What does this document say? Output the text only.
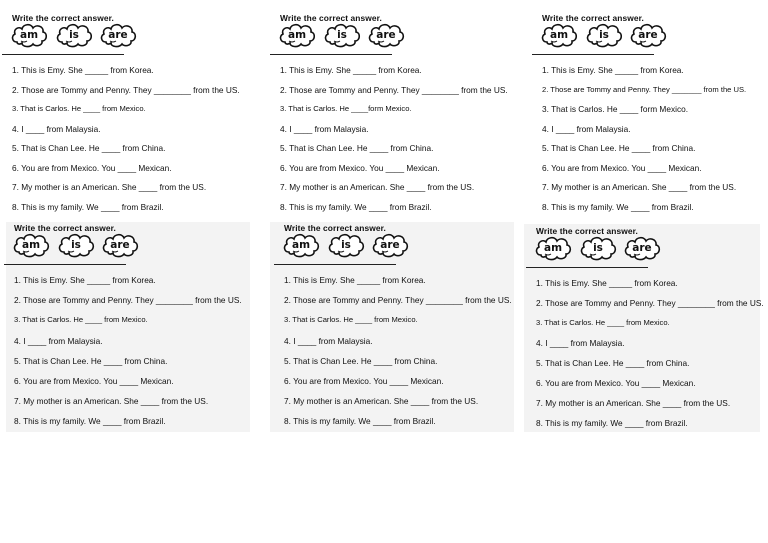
Write the correct answer.
am	is	are
1. This is Emy. She _____ from Korea.
2. Those are Tommy and Penny. They ________ from the US.
3. That is Carlos. He ____ from Mexico.
4. I ____ from Malaysia.
5. That is Chan Lee. He ____ from China.
6. You are from Mexico. You ____ Mexican.
7. My mother is an American. She ____ from the US.
8. This is my family. We ____ from Brazil.
Write the correct answer.
am	is	are
1. This is Emy. She _____ from Korea.
2. Those are Tommy and Penny. They ________ from the US.
3. That is Carlos. He ____form Mexico.
4. I ____ from Malaysia.
5. That is Chan Lee. He ____ from China.
6. You are from Mexico. You ____ Mexican.
7. My mother is an American. She ____ from the US.
8. This is my family. We ____ from Brazil.
Write the correct answer.
am	is	are
1. This is Emy. She _____ from Korea.
2. Those are Tommy and Penny. They _______ from the US.
3. That is Carlos. He ____ form Mexico.
4. I ____ from Malaysia.
5. That is Chan Lee. He ____ from China.
6. You are from Mexico. You ____ Mexican.
7. My mother is an American. She ____ from the US.
8. This is my family. We ____ from Brazil.
Write the correct answer.
am	is	are
1. This is Emy. She _____ from Korea.
2. Those are Tommy and Penny. They ________ from the US.
3. That is Carlos. He ____ from Mexico.
4. I ____ from Malaysia.
5. That is Chan Lee. He ____ from China.
6. You are from Mexico. You ____ Mexican.
7. My mother is an American. She ____ from the US.
8. This is my family. We ____ from Brazil.
Write the correct answer.
am	is	are
1. This is Emy. She _____ from Korea.
2. Those are Tommy and Penny. They ________ from the US.
3. That is Carlos. He ____ from Mexico.
4. I ____ from Malaysia.
5. That is Chan Lee. He ____ from China.
6. You are from Mexico. You ____ Mexican.
7. My mother is an American. She ____ from the US.
8. This is my family. We ____ from Brazil.
Write the correct answer.
am	is	are
1. This is Emy. She _____ from Korea.
2. Those are Tommy and Penny. They ________ from the US.
3. That is Carlos. He ____ from Mexico.
4. I ____ from Malaysia.
5. That is Chan Lee. He ____ from China.
6. You are from Mexico. You ____ Mexican.
7. My mother is an American. She ____ from the US.
8. This is my family. We ____ from Brazil.
